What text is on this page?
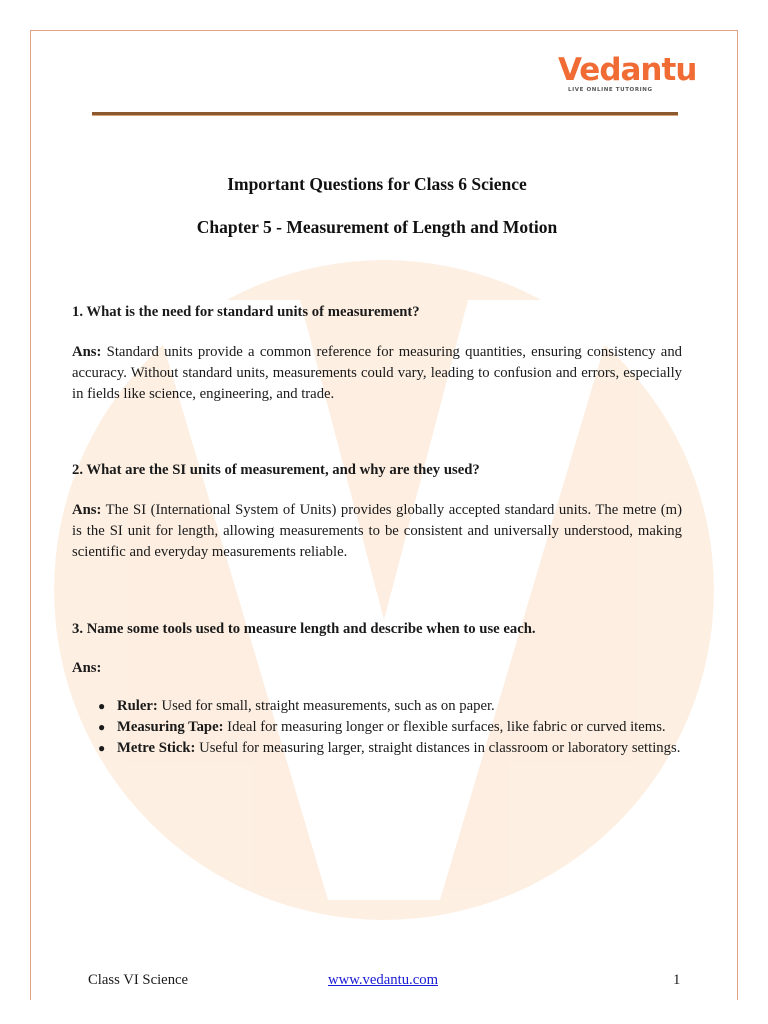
Vedantu
LIVE ONLINE TUTORING
Important Questions for Class 6 Science
Chapter 5 - Measurement of Length and Motion
1. What is the need for standard units of measurement?
Ans: Standard units provide a common reference for measuring quantities, ensuring consistency and accuracy. Without standard units, measurements could vary, leading to confusion and errors, especially in fields like science, engineering, and trade.
2. What are the SI units of measurement, and why are they used?
Ans: The SI (International System of Units) provides globally accepted standard units. The metre (m) is the SI unit for length, allowing measurements to be consistent and universally understood, making scientific and everyday measurements reliable.
3. Name some tools used to measure length and describe when to use each.
Ans:
● Ruler: Used for small, straight measurements, such as on paper.
● Measuring Tape: Ideal for measuring longer or flexible surfaces, like fabric or curved items.
● Metre Stick: Useful for measuring larger, straight distances in classroom or laboratory settings.
Class VI Science	www.vedantu.com	1
